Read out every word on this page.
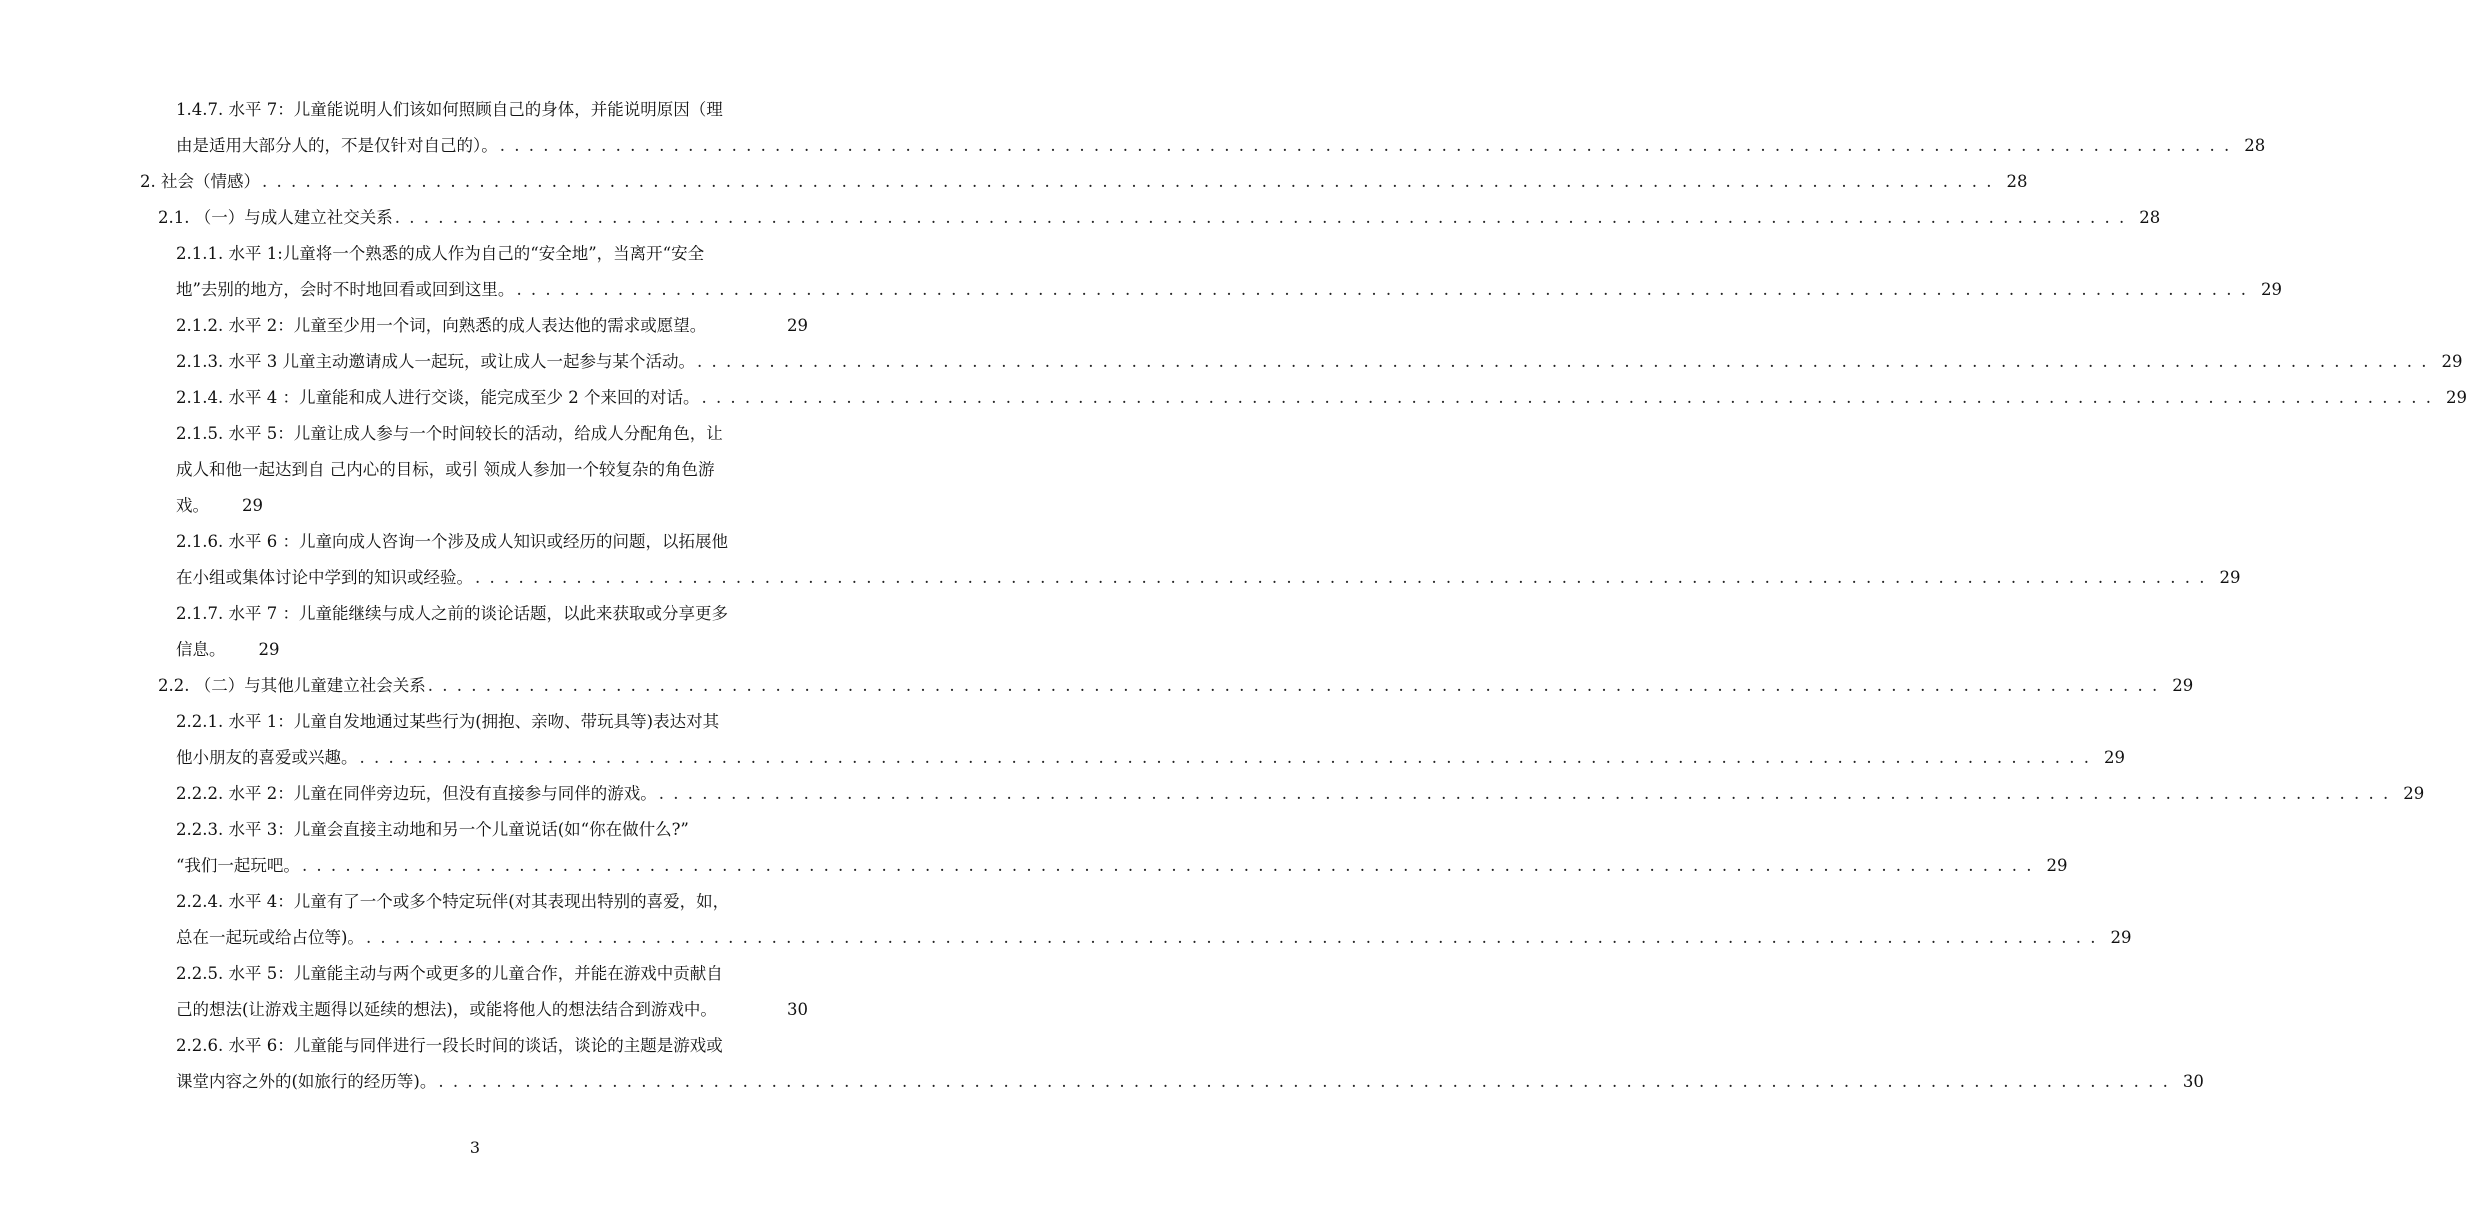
1.4.7. 水平 7：儿童能说明人们该如何照顾自己的身体，并能说明原因（理
由是适用大部分人的，不是仅针对自己的）。 . . . . . . . . . . . . . . . . . . . . . . . . . . . . . . . . . . . . . . . . . . . . . . . . . . . . . . . . . . . . . . . . . . . . . . . . . . . . . . . . . . . . . . . . . . . . . . . . . . . . . . . . . . . . . . . . . . . . . . . . 28
2. 社会（情感） . . . . . . . . . . . . . . . . . . . . . . . . . . . . . . . . . . . . . . . . . . . . . . . . . . . . . . . . . . . . . . . . . . . . . . . . . . . . . . . . . . . . . . . . . . . . . . . . . . . . . . . . . . . . . . . . . . . . . . . . 28
2.1. （一）与成人建立社交关系 . . . . . . . . . . . . . . . . . . . . . . . . . . . . . . . . . . . . . . . . . . . . . . . . . . . . . . . . . . . . . . . . . . . . . . . . . . . . . . . . . . . . . . . . . . . . . . . . . . . . . . . . . . . . . . . . . . . . . . . . 28
2.1.1. 水平 1:儿童将一个熟悉的成人作为自己的“安全地”，当离开“安全
地”去别的地方，会时不时地回看或回到这里。 . . . . . . . . . . . . . . . . . . . . . . . . . . . . . . . . . . . . . . . . . . . . . . . . . . . . . . . . . . . . . . . . . . . . . . . . . . . . . . . . . . . . . . . . . . . . . . . . . . . . . . . . . . . . . . . . . . . . . . . . 29
2.1.2. 水平 2：儿童至少用一个词，向熟悉的成人表达他的需求或愿望。	29
2.1.3. 水平 3 儿童主动邀请成人一起玩，或让成人一起参与某个活动。 . . . . . . . . . . . . . . . . . . . . . . . . . . . . . . . . . . . . . . . . . . . . . . . . . . . . . . . . . . . . . . . . . . . . . . . . . . . . . . . . . . . . . . . . . . . . . . . . . . . . . . . . . . . . . . . . . . . . . . . . 29
2.1.4. 水平 4 ：儿童能和成人进行交谈，能完成至少 2 个来回的对话。 . . . . . . . . . . . . . . . . . . . . . . . . . . . . . . . . . . . . . . . . . . . . . . . . . . . . . . . . . . . . . . . . . . . . . . . . . . . . . . . . . . . . . . . . . . . . . . . . . . . . . . . . . . . . . . . . . . . . . . . . 29
2.1.5. 水平 5：儿童让成人参与一个时间较长的活动，给成人分配角色，让
成人和他一起达到自 己内心的目标，或引 领成人参加一个较复杂的角色游
戏。	29
2.1.6. 水平 6 ：儿童向成人咨询一个涉及成人知识或经历的问题，以拓展他
在小组或集体讨论中学到的知识或经验。 . . . . . . . . . . . . . . . . . . . . . . . . . . . . . . . . . . . . . . . . . . . . . . . . . . . . . . . . . . . . . . . . . . . . . . . . . . . . . . . . . . . . . . . . . . . . . . . . . . . . . . . . . . . . . . . . . . . . . . . . 29
2.1.7. 水平 7 ：儿童能继续与成人之前的谈论话题，以此来获取或分享更多
信息。	29
2.2. （二）与其他儿童建立社会关系 . . . . . . . . . . . . . . . . . . . . . . . . . . . . . . . . . . . . . . . . . . . . . . . . . . . . . . . . . . . . . . . . . . . . . . . . . . . . . . . . . . . . . . . . . . . . . . . . . . . . . . . . . . . . . . . . . . . . . . . . 29
2.2.1. 水平 1：儿童自发地通过某些行为(拥抱、亲吻、带玩具等)表达对其
他小朋友的喜爱或兴趣。 . . . . . . . . . . . . . . . . . . . . . . . . . . . . . . . . . . . . . . . . . . . . . . . . . . . . . . . . . . . . . . . . . . . . . . . . . . . . . . . . . . . . . . . . . . . . . . . . . . . . . . . . . . . . . . . . . . . . . . . . 29
2.2.2. 水平 2：儿童在同伴旁边玩，但没有直接参与同伴的游戏。 . . . . . . . . . . . . . . . . . . . . . . . . . . . . . . . . . . . . . . . . . . . . . . . . . . . . . . . . . . . . . . . . . . . . . . . . . . . . . . . . . . . . . . . . . . . . . . . . . . . . . . . . . . . . . . . . . . . . . . . . 29
2.2.3. 水平 3：儿童会直接主动地和另一个儿童说话(如“你在做什么?”
“我们一起玩吧。 . . . . . . . . . . . . . . . . . . . . . . . . . . . . . . . . . . . . . . . . . . . . . . . . . . . . . . . . . . . . . . . . . . . . . . . . . . . . . . . . . . . . . . . . . . . . . . . . . . . . . . . . . . . . . . . . . . . . . . . . 29
2.2.4. 水平 4：儿童有了一个或多个特定玩伴(对其表现出特别的喜爱，如，
总在一起玩或给占位等)。 . . . . . . . . . . . . . . . . . . . . . . . . . . . . . . . . . . . . . . . . . . . . . . . . . . . . . . . . . . . . . . . . . . . . . . . . . . . . . . . . . . . . . . . . . . . . . . . . . . . . . . . . . . . . . . . . . . . . . . . . 29
2.2.5. 水平 5：儿童能主动与两个或更多的儿童合作，并能在游戏中贡献自
己的想法(让游戏主题得以延续的想法)，或能将他人的想法结合到游戏中。	30
2.2.6. 水平 6：儿童能与同伴进行一段长时间的谈话，谈论的主题是游戏或
课堂内容之外的(如旅行的经历等)。 . . . . . . . . . . . . . . . . . . . . . . . . . . . . . . . . . . . . . . . . . . . . . . . . . . . . . . . . . . . . . . . . . . . . . . . . . . . . . . . . . . . . . . . . . . . . . . . . . . . . . . . . . . . . . . . . . . . . . . . . 30
3
